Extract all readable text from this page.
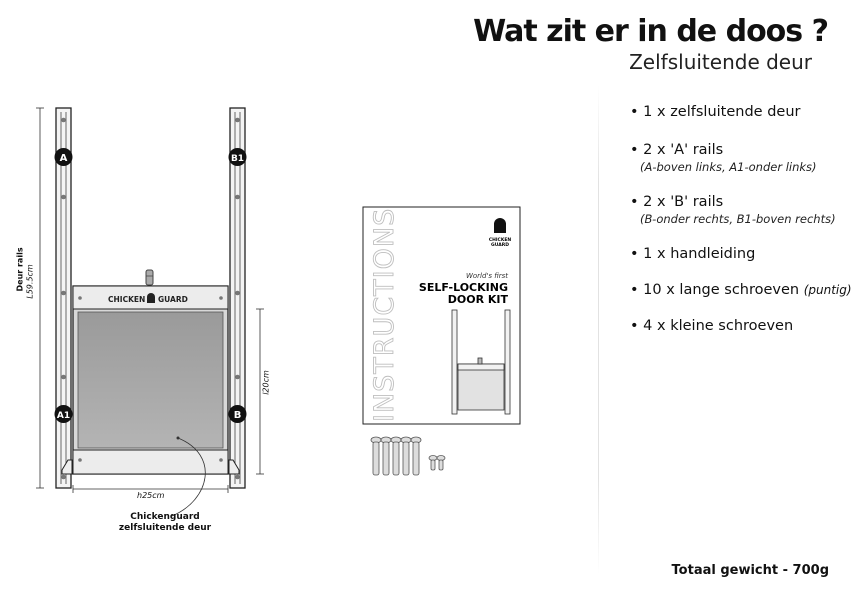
Wat zit er in de doos ?
Zelfsluitende deur
• 1 x zelfsluitende deur
• 2 x 'A' rails
(A-boven links, A1-onder links)
• 2 x 'B' rails
(B-onder rechts, B1-boven rechts)
• 1 x handleiding
• 10 x lange schroeven (puntig)
• 4 x kleine schroeven
Totaal gewicht - 700g
CHICKEN GUARD
A	B1
A1	B	INSTRUCTIONS	CHICKEN
GUARD
World's first
SELF-LOCKING
DOOR KIT
Deur rails L59.5cm
l20cm
h25cm
Chickenguard
zelfsluitende deur
